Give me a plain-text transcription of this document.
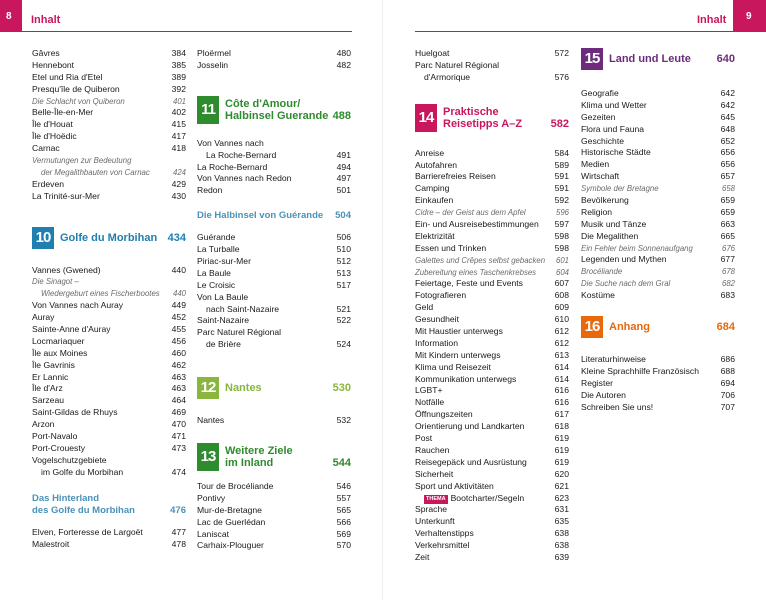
8 Inhalt	Inhalt 9
Gâvres	384
Hennebont	385
Etel und Ria d'Etel	389
Presqu'île de Quiberon	392
Die Schlacht von Quiberon	401
Belle-Île-en-Mer	402
Île d'Houat	415
Île d'Hoëdic	417
Carnac	418
Vermutungen zur Bedeutung
der Megalithbauten von Carnac	424
Erdeven	429
La Trinité-sur-Mer	430
10 Golfe du Morbihan 434
Vannes (Gwened)	440
Die Sinagot –
Wiedergeburt eines Fischerbootes 440
Von Vannes nach Auray	449
Auray	452
Sainte-Anne d'Auray	455
Locmariaquer	456
Île aux Moines	460
Île Gavrinis	462
Er Lannic	463
Île d'Arz	463
Sarzeau	464
Saint-Gildas de Rhuys	469
Arzon	470
Port-Navalo	471
Port-Crouesty	473
Vogelschutzgebiete
im Golfe du Morbihan	474
Das Hinterland
des Golfe du Morbihan	476
Elven, Forteresse de Largoët	477
Malestroit	478
Ploërmel	480
Josselin	482
11 Côte d'Amour/
Halbinsel Guerande 488
Von Vannes nach
La Roche-Bernard	491
La Roche-Bernard	494
Von Vannes nach Redon	497
Redon	501
Die Halbinsel von Guérande	504
Guérande	506
La Turballe	510
Piriac-sur-Mer	512
La Baule	513
Le Croisic	517
Von La Baule
nach Saint-Nazaire	521
Saint-Nazaire	522
Parc Naturel Régional
de Brière	524
12 Nantes	530
Nantes	532
13 Weitere Ziele
im Inland	544
Tour de Brocéliande	546
Pontivy	557
Mur-de-Bretagne	565
Lac de Guerlédan	566
Laniscat	569
Carhaix-Plouguer	570
Huelgoat	572
Parc Naturel Régional
d'Armorique	576
14 Praktische
Reisetipps A–Z	582
Anreise	584
Autofahren	589
Barrierefreies Reisen	591
Camping	591
Einkaufen	592
Cidre – der Geist aus dem Apfel	596
Ein- und Ausreisebestimmungen 597
Elektrizität	598
Essen und Trinken	598
Galettes und Crêpes selbst gebacken 601
Zubereitung eines Taschenkrebses	604
Feiertage, Feste und Events	607
Fotografieren	608
Geld	609
Gesundheit	610
Mit Haustier unterwegs	612
Information	612
Mit Kindern unterwegs	613
Klima und Reisezeit	614
Kommunikation unterwegs	614
LGBT+	616
Notfälle	616
Öffnungszeiten	617
Orientierung und Landkarten	618
Post	619
Rauchen	619
Reisegepäck und Ausrüstung	619
Sicherheit	620
Sport und Aktivitäten	621
THEMA Bootcharter/Segeln	623
Sprache	631
Unterkunft	635
Verhaltenstipps	638
Verkehrsmittel	638
Zeit	639
15 Land und Leute 640
Geografie	642
Klima und Wetter	642
Gezeiten	645
Flora und Fauna	648
Geschichte	652
Historische Städte	656
Medien	656
Wirtschaft	657
Symbole der Bretagne	658
Bevölkerung	659
Religion	659
Musik und Tänze	663
Die Megalithen	665
Ein Fehler beim Sonnenaufgang	676
Legenden und Mythen	677
Brocéliande	678
Die Suche nach dem Gral	682
Kostüme	683
16 Anhang	684
Literaturhinweise	686
Kleine Sprachhilfe Französisch	688
Register	694
Die Autoren	706
Schreiben Sie uns!	707
